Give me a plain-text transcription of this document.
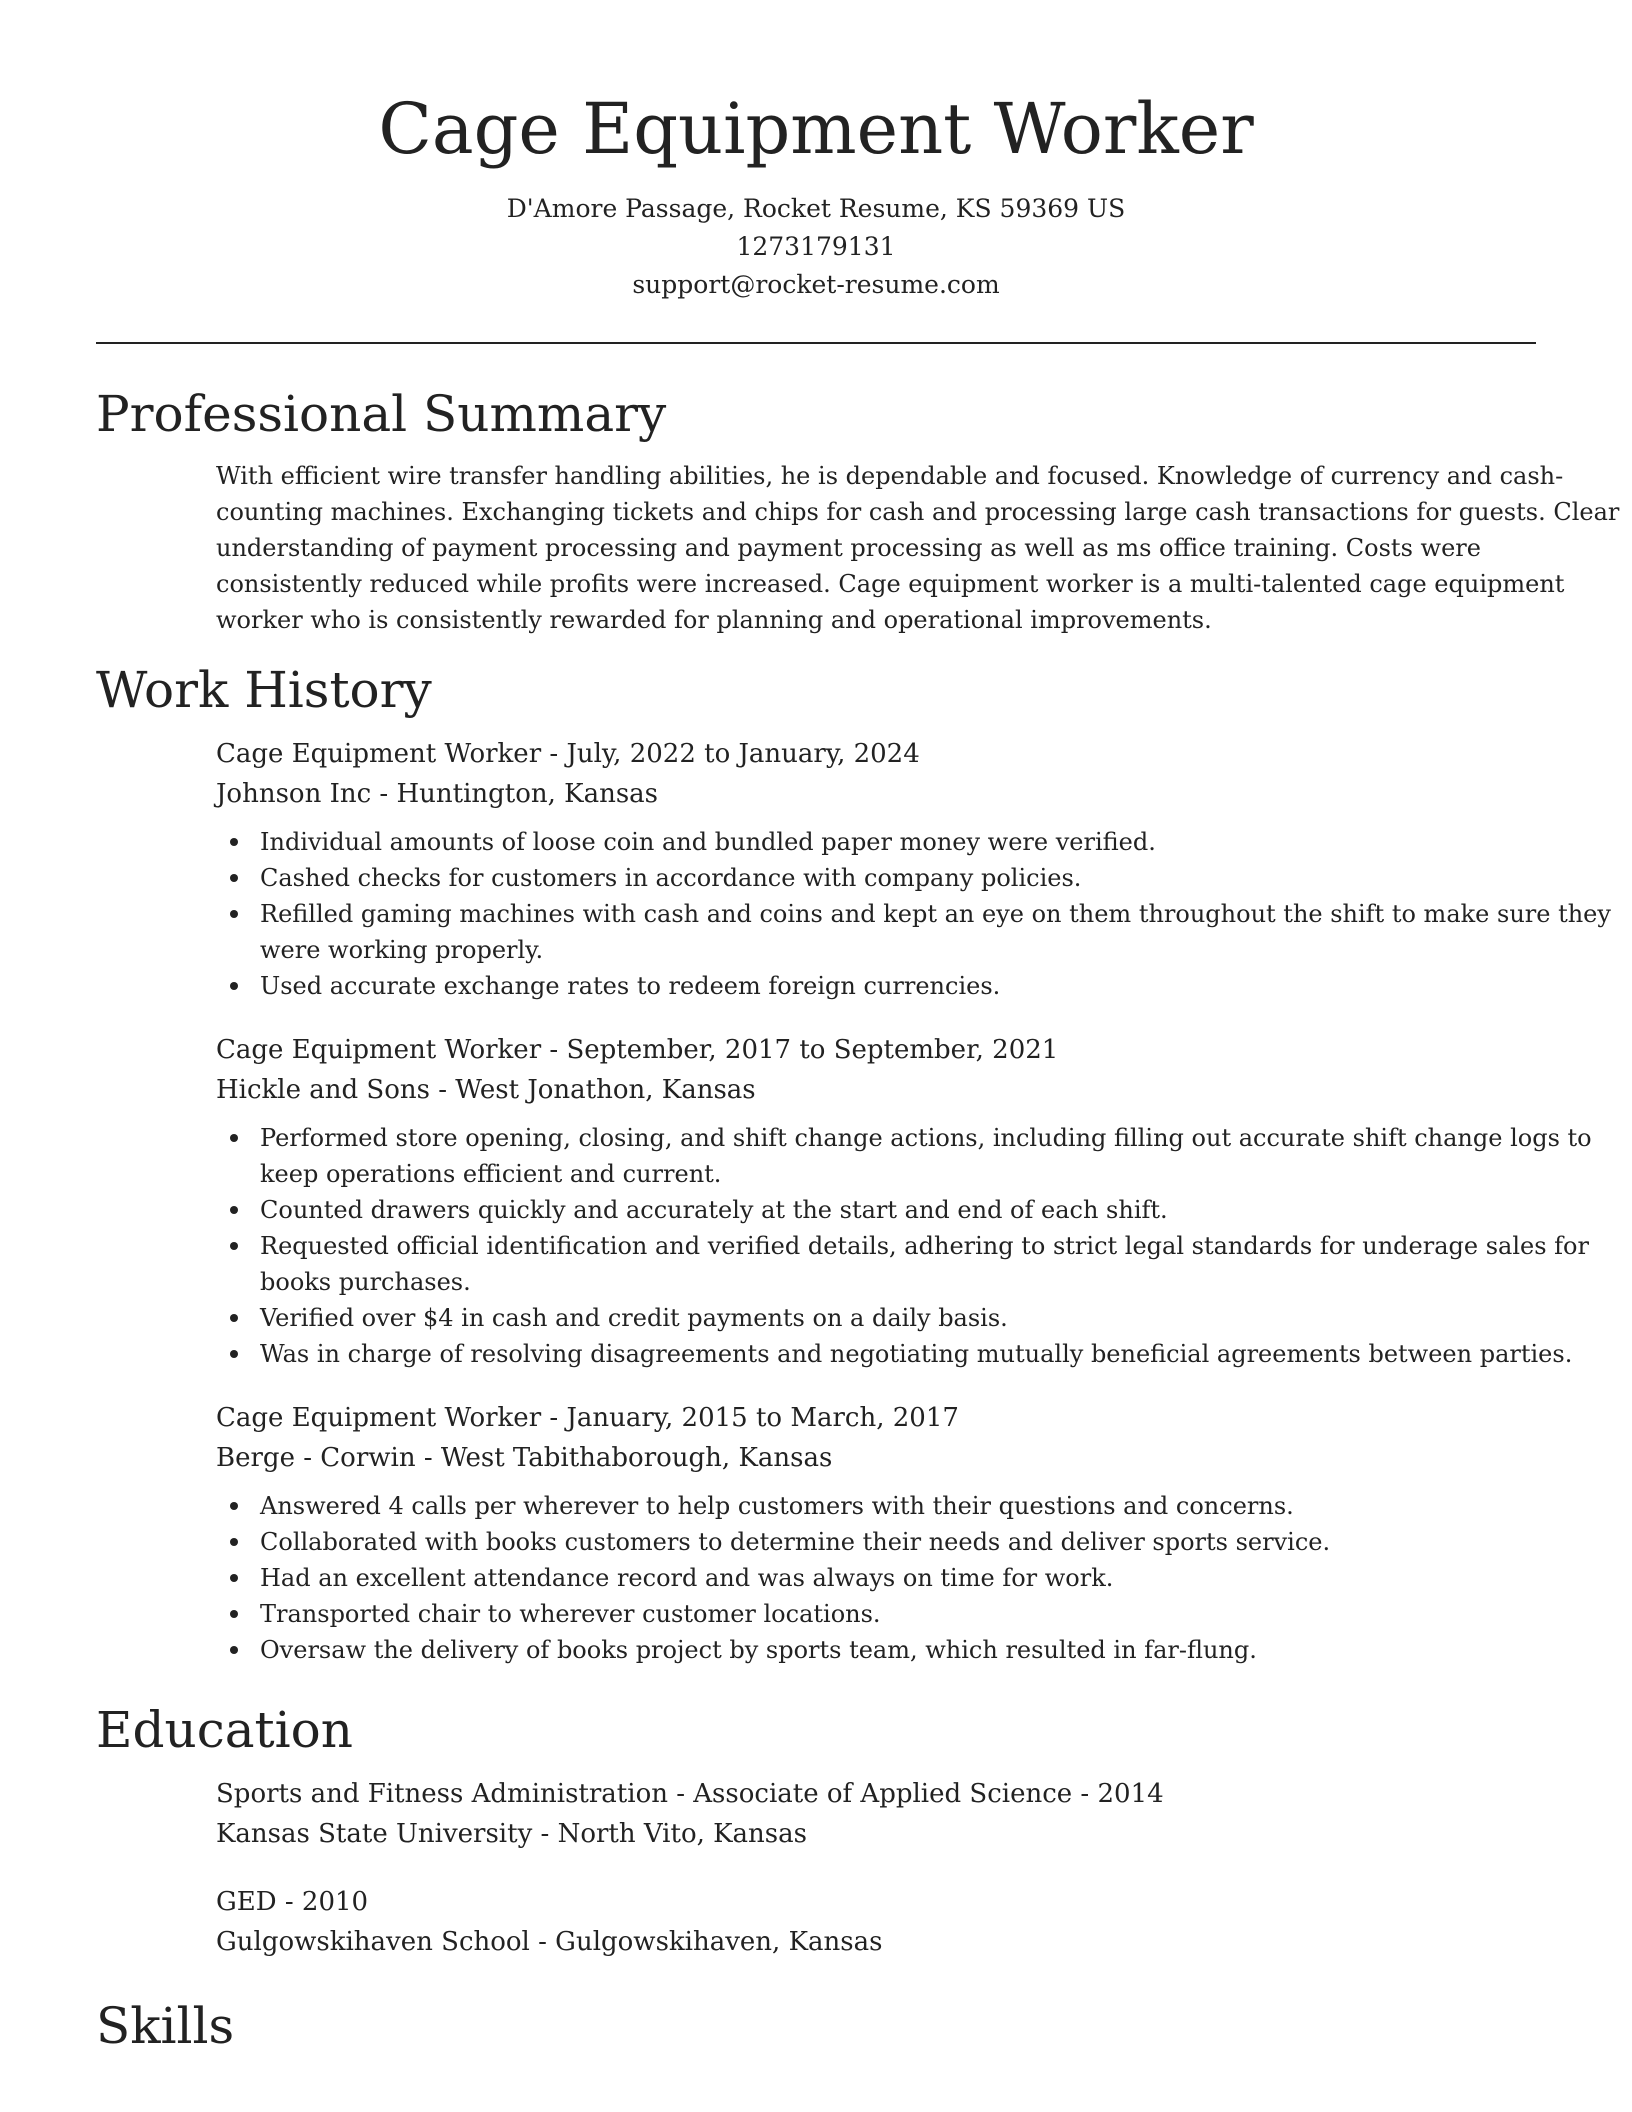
Cage Equipment Worker

D'Amore Passage, Rocket Resume, KS 59369 US

1273179131

support@rocket-resume.com

Professional Summary

With efficient wire transfer handling abilities, he is dependable and focused. Knowledge of currency and cash-counting machines. Exchanging tickets and chips for cash and processing large cash transactions for guests. Clear understanding of payment processing and payment processing as well as ms office training. Costs were consistently reduced while profits were increased. Cage equipment worker is a multi-talented cage equipment worker who is consistently rewarded for planning and operational improvements.

Work History

Cage Equipment Worker - July, 2022 to January, 2024

Johnson Inc - Huntington, Kansas

Individual amounts of loose coin and bundled paper money were verified.
Cashed checks for customers in accordance with company policies.
Refilled gaming machines with cash and coins and kept an eye on them throughout the shift to make sure they were working properly.
Used accurate exchange rates to redeem foreign currencies.

Cage Equipment Worker - September, 2017 to September, 2021

Hickle and Sons - West Jonathon, Kansas

Performed store opening, closing, and shift change actions, including filling out accurate shift change logs to keep operations efficient and current.
Counted drawers quickly and accurately at the start and end of each shift.
Requested official identification and verified details, adhering to strict legal standards for underage sales for books purchases.
Verified over $4 in cash and credit payments on a daily basis.
Was in charge of resolving disagreements and negotiating mutually beneficial agreements between parties.

Cage Equipment Worker - January, 2015 to March, 2017

Berge - Corwin - West Tabithaborough, Kansas

Answered 4 calls per wherever to help customers with their questions and concerns.
Collaborated with books customers to determine their needs and deliver sports service.
Had an excellent attendance record and was always on time for work.
Transported chair to wherever customer locations.
Oversaw the delivery of books project by sports team, which resulted in far-flung.
Education

Sports and Fitness Administration - Associate of Applied Science - 2014

Kansas State University - North Vito, Kansas

GED - 2010

Gulgowskihaven School - Gulgowskihaven, Kansas

Skills
